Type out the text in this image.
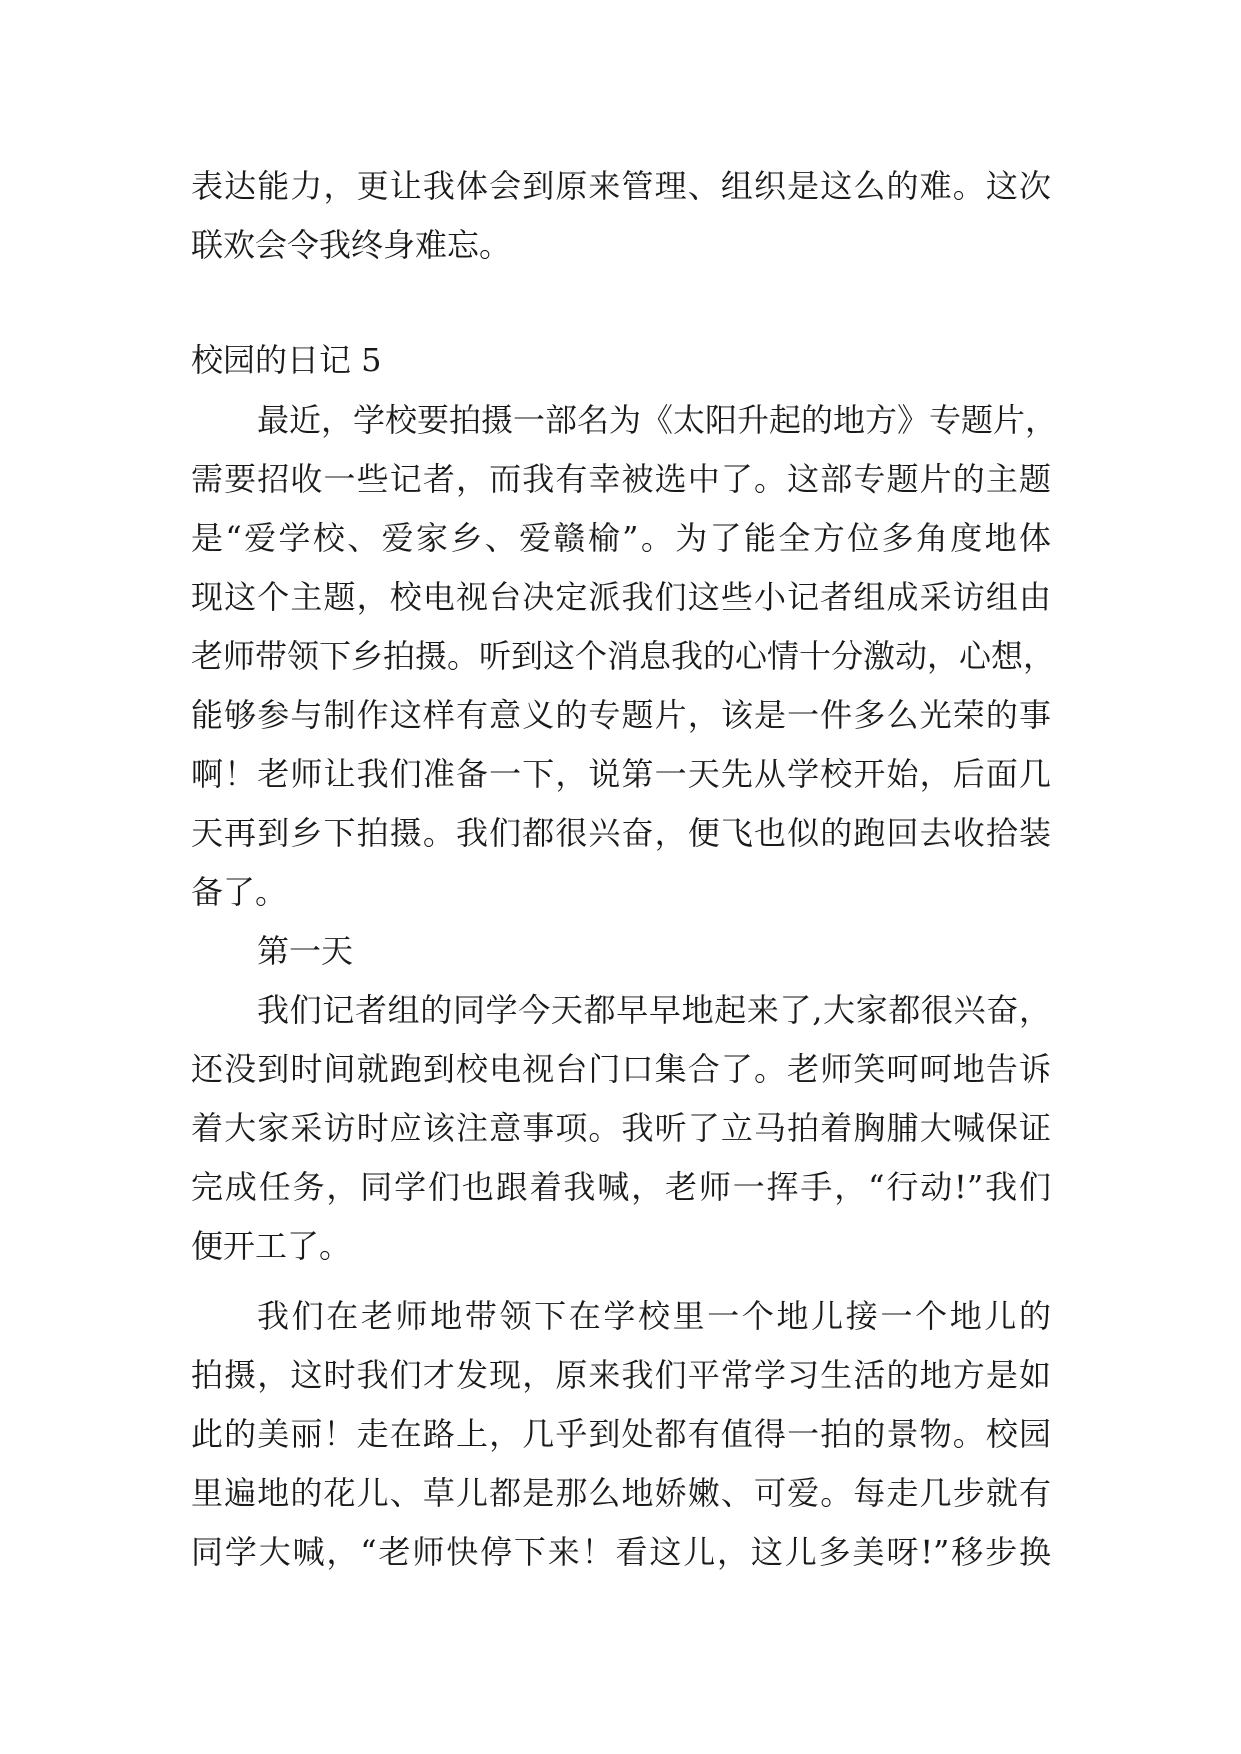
表达能力，更让我体会到原来管理、组织是这么的难。这次
联欢会令我终身难忘。
校园的日记 5
最近，学校要拍摄一部名为《太阳升起的地方》专题片，
需要招收一些记者，而我有幸被选中了。这部专题片的主题
是“爱学校、爱家乡、爱赣榆”。为了能全方位多角度地体
现这个主题，校电视台决定派我们这些小记者组成采访组由
老师带领下乡拍摄。听到这个消息我的心情十分激动，心想，
能够参与制作这样有意义的专题片，该是一件多么光荣的事
啊！老师让我们准备一下，说第一天先从学校开始，后面几
天再到乡下拍摄。我们都很兴奋，便飞也似的跑回去收拾装
备了。
第一天
我们记者组的同学今天都早早地起来了,大家都很兴奋，
还没到时间就跑到校电视台门口集合了。老师笑呵呵地告诉
着大家采访时应该注意事项。我听了立马拍着胸脯大喊保证
完成任务，同学们也跟着我喊，老师一挥手，“行动!”我们
便开工了。
我们在老师地带领下在学校里一个地儿接一个地儿的
拍摄，这时我们才发现，原来我们平常学习生活的地方是如
此的美丽！走在路上，几乎到处都有值得一拍的景物。校园
里遍地的花儿、草儿都是那么地娇嫩、可爱。每走几步就有
同学大喊，“老师快停下来！看这儿，这儿多美呀!”移步换
